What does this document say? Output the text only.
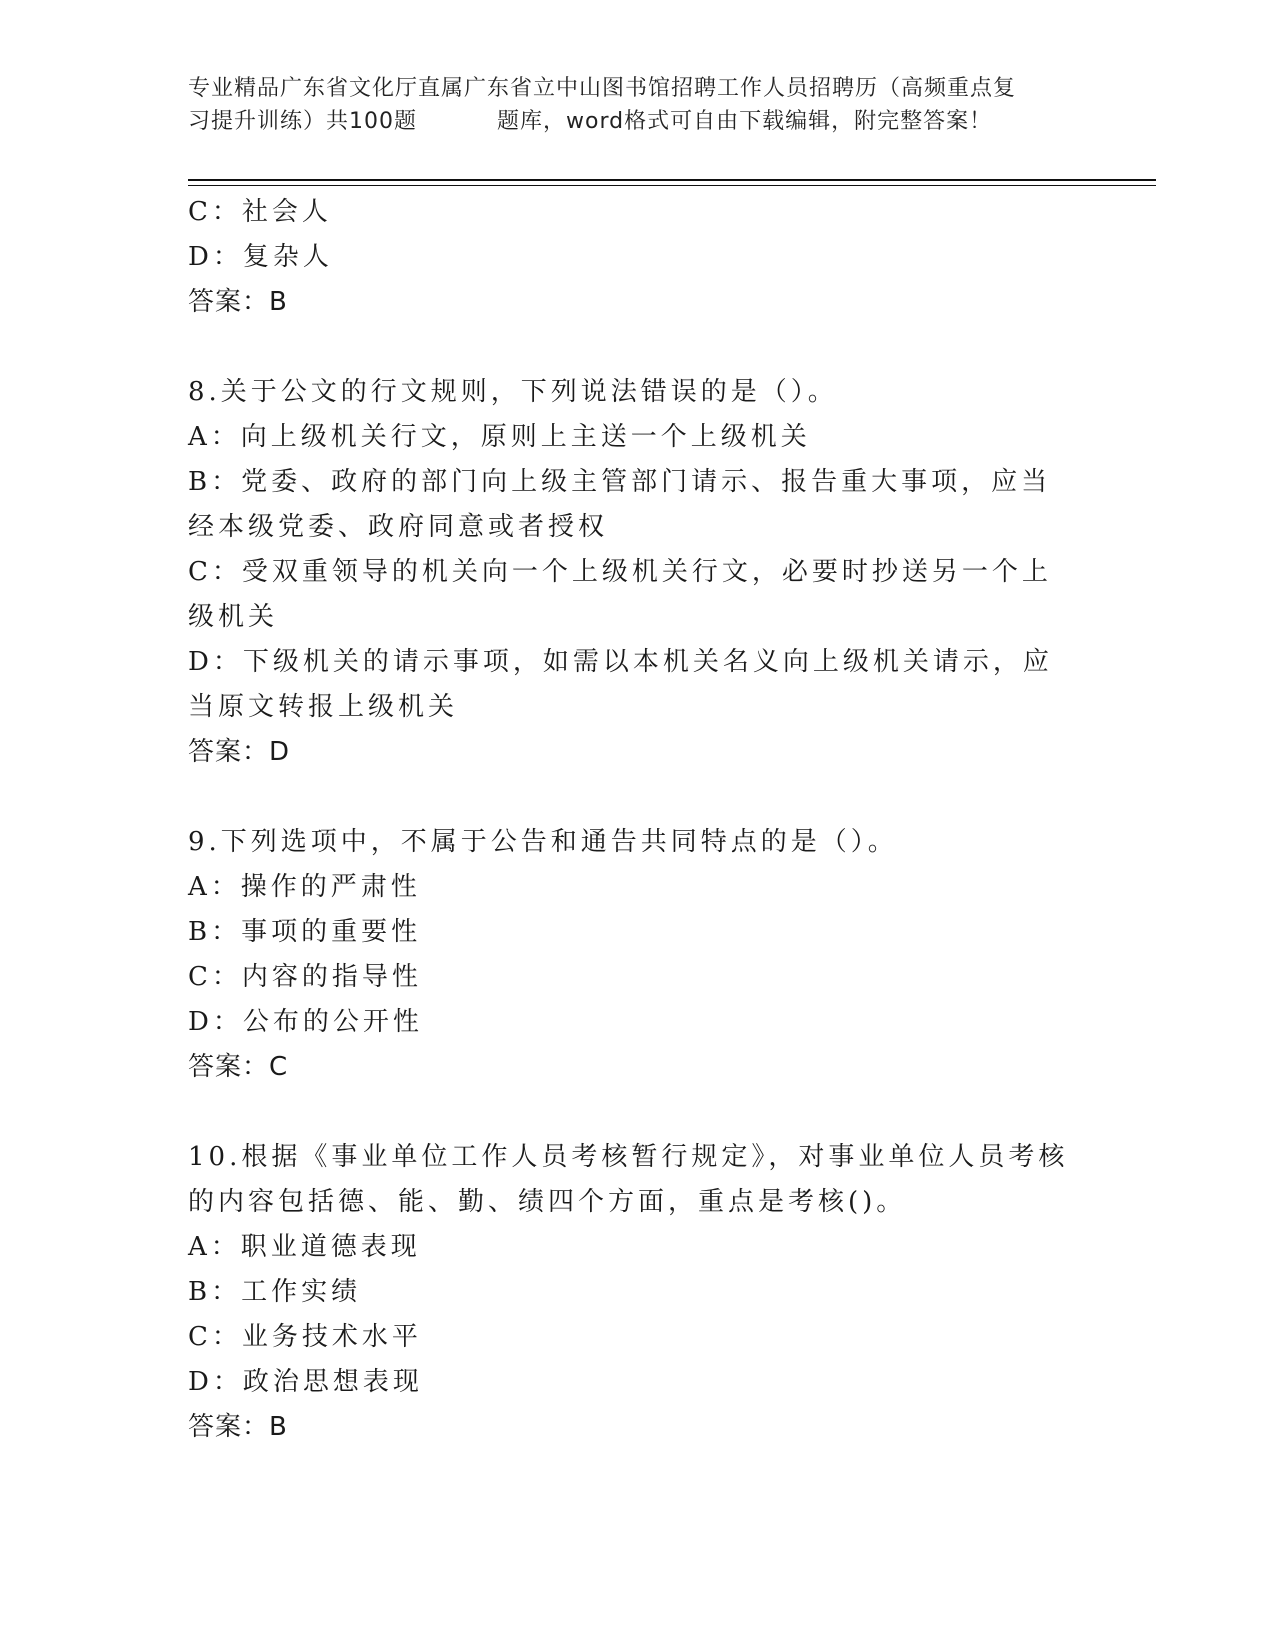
专业精品广东省文化厅直属广东省立中山图书馆招聘工作人员招聘历（高频重点复
习提升训练）共100题	题库，word格式可自由下载编辑，附完整答案！

C：社会人

D：复杂人

答案：B

8.关于公文的行文规则，下列说法错误的是（）。

A：向上级机关行文，原则上主送一个上级机关

B：党委、政府的部门向上级主管部门请示、报告重大事项，应当经本级党委、政府同意或者授权

C：受双重领导的机关向一个上级机关行文，必要时抄送另一个上级机关

D：下级机关的请示事项，如需以本机关名义向上级机关请示，应当原文转报上级机关

答案：D

9.下列选项中，不属于公告和通告共同特点的是（）。

A：操作的严肃性

B：事项的重要性

C：内容的指导性

D：公布的公开性

答案：C

10.根据《事业单位工作人员考核暂行规定》，对事业单位人员考核的内容包括德、能、勤、绩四个方面，重点是考核()。

A：职业道德表现

B：工作实绩

C：业务技术水平

D：政治思想表现

答案：B
